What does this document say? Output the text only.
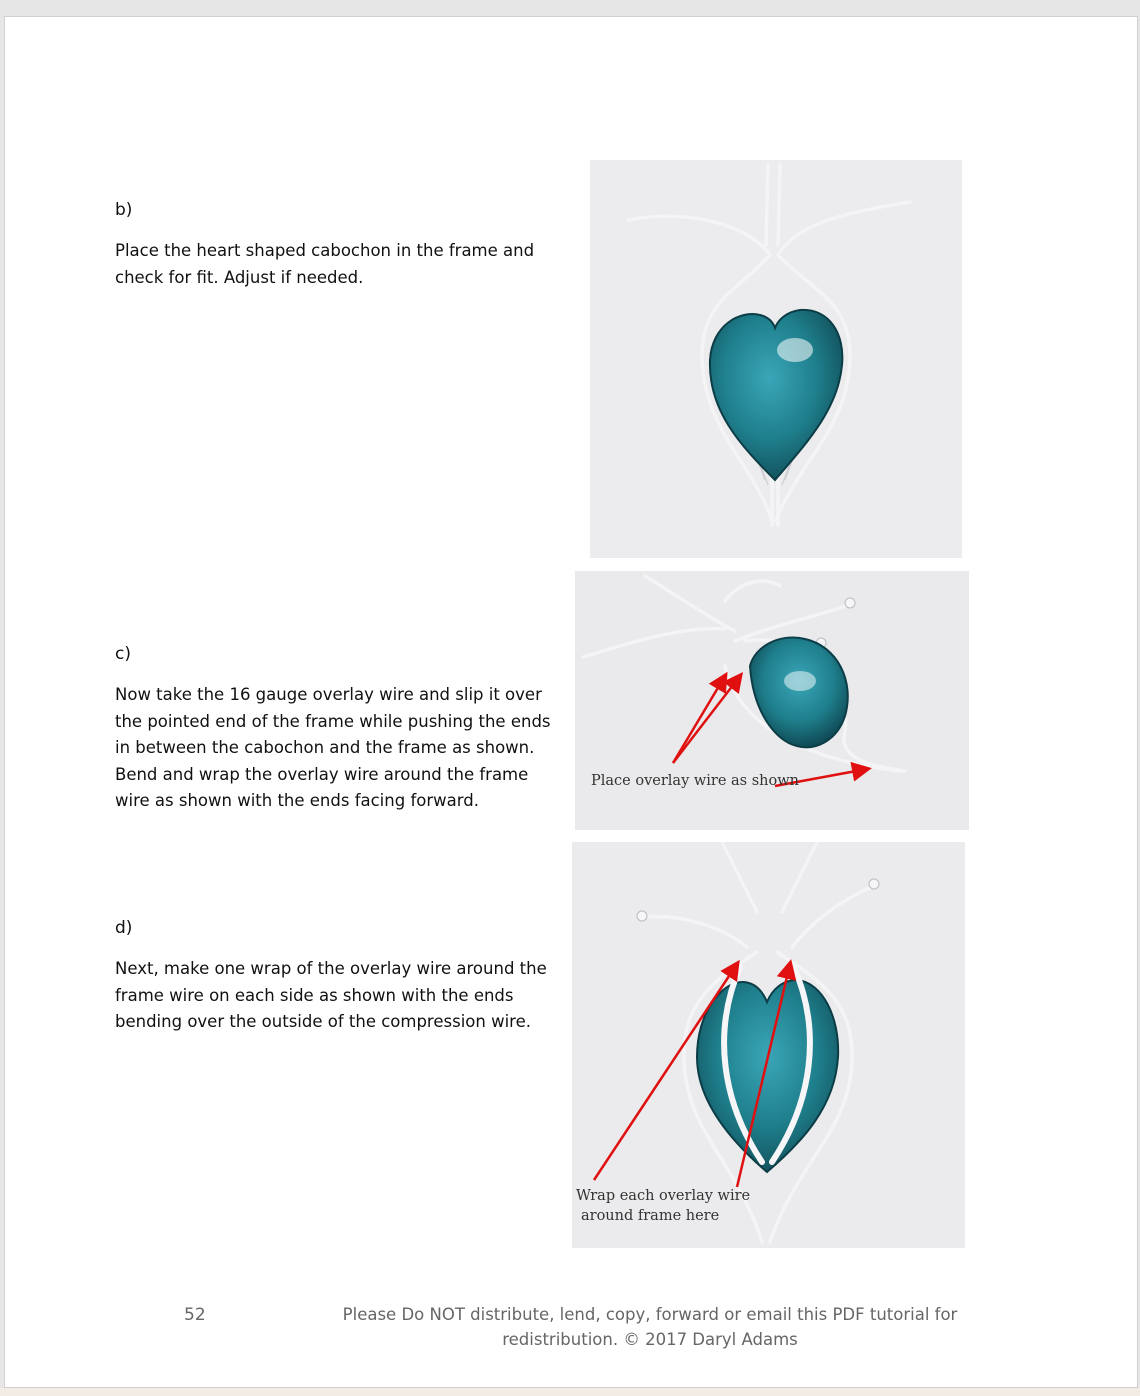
b)

Place the heart shaped cabochon in the frame and check for fit. Adjust if needed.

c)

Now take the 16 gauge overlay wire and slip it over the pointed end of the frame while pushing the ends in between the cabochon and the frame as shown. Bend and wrap the overlay wire around the frame wire as shown with the ends facing forward.

Place overlay wire as shown
d)

Next, make one wrap of the overlay wire around the frame wire on each side as shown with the ends bending over the outside of the compression wire.

Wrap each overlay wire
around frame here
52	Please Do NOT distribute, lend, copy, forward or email this PDF tutorial for redistribution. © 2017 Daryl Adams
